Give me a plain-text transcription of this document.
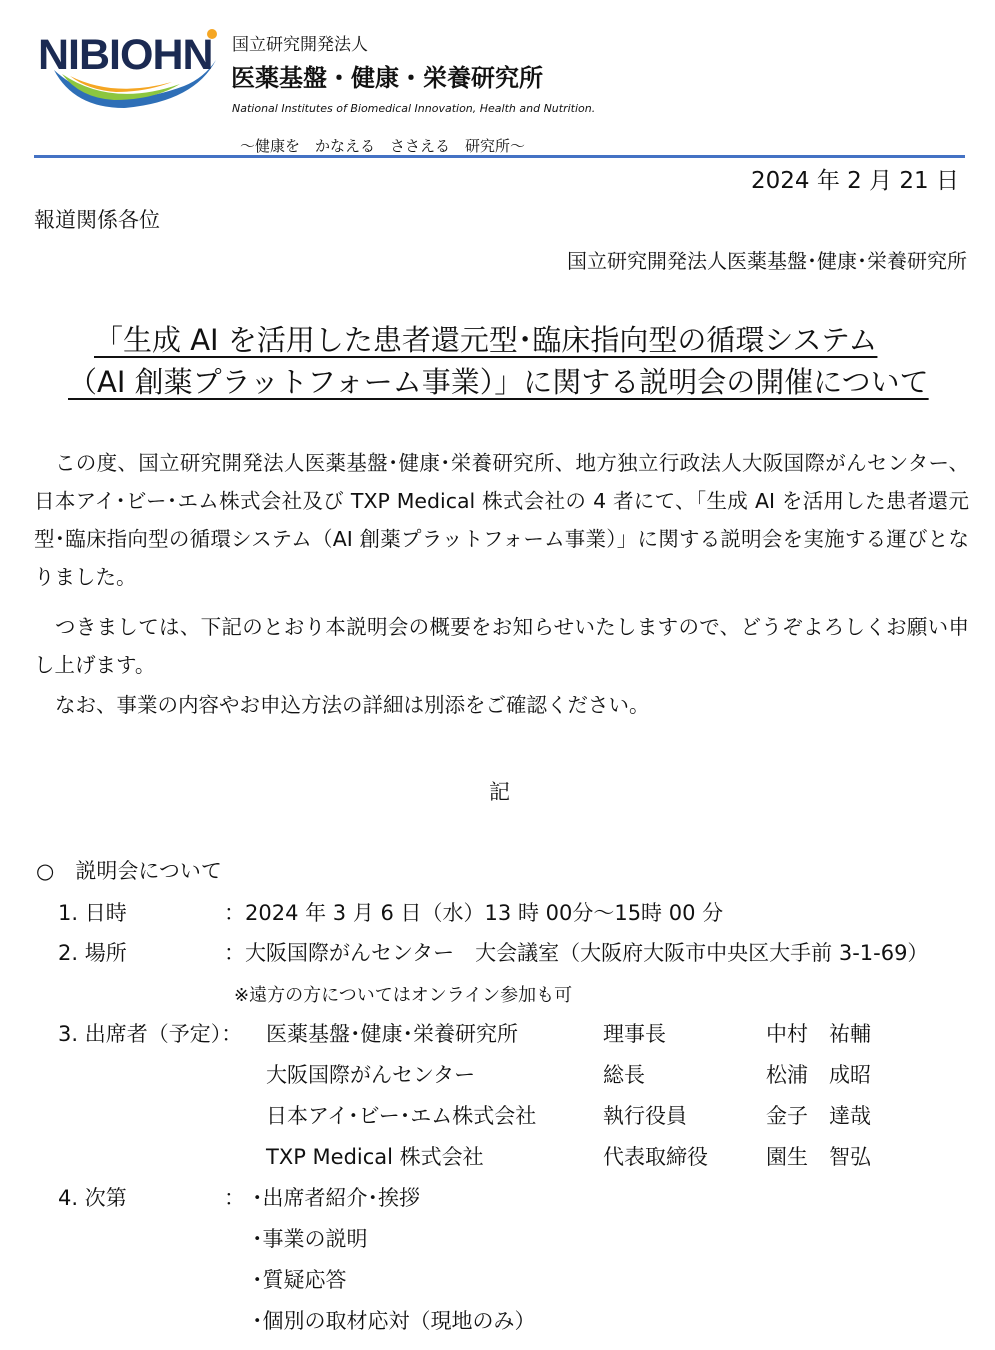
NIBIOHN 国立研究開発法人
医薬基盤・健康・栄養研究所
National Institutes of Biomedical Innovation, Health and Nutrition.
～健康を　かなえる　ささえる　研究所～
2024 年 2 月 21 日
報道関係各位
国立研究開発法人医薬基盤･健康･栄養研究所
「生成 AI を活用した患者還元型･臨床指向型の循環システム
（AI 創薬プラットフォーム事業）」に関する説明会の開催について

この度、国立研究開発法人医薬基盤･健康･栄養研究所、地方独立行政法人大阪国際がんセンター、日本アイ･ビー･エム株式会社及び TXP Medical 株式会社の 4 者にて、「生成 AI を活用した患者還元型･臨床指向型の循環システム（AI 創薬プラットフォーム事業）」に関する説明会を実施する運びとなりました。

つきましては、下記のとおり本説明会の概要をお知らせいたしますので、どうぞよろしくお願い申し上げます。

なお、事業の内容やお申込方法の詳細は別添をご確認ください。

記
○　説明会について
1. 日時	：2024 年 3 月 6 日（水）13 時 00分～15時 00 分
2. 場所	：大阪国際がんセンター　大会議室（大阪府大阪市中央区大手前 3-1-69）
※遠方の方についてはオンライン参加も可
3. 出席者（予定）： 医薬基盤･健康･栄養研究所	理事長	中村　祐輔
大阪国際がんセンター	総長	松浦　成昭
日本アイ･ビー･エム株式会社	執行役員	金子　達哉
TXP Medical 株式会社	代表取締役	園生　智弘
4. 次第	： ･出席者紹介･挨拶
･事業の説明
･質疑応答
･個別の取材応対（現地のみ）
